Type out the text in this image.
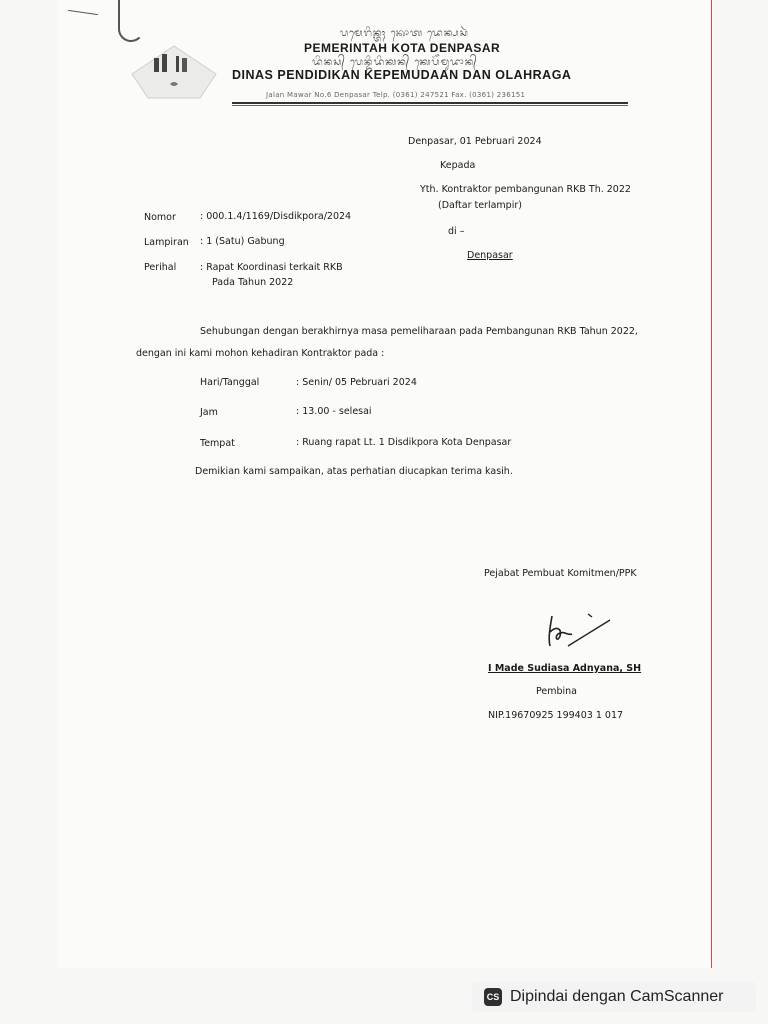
ᬧᬫᬾᬭᬶᬦ᭄ᬢᬄ ᬓᭀᬢ ᬤᬾᬦ᭄ᬧᬲᬃ
PEMERINTAH KOTA DENPASAR
ᬤᬶᬦᬲ᭄ ᬧᬾᬦ᭄ᬤᬶᬤᬶᬓᬦ᭄ ᬓᬾᬧᭂᬫᬸᬤᬵᬦ᭄
DINAS PENDIDIKAN KEPEMUDAAN DAN OLAHRAGA
Jalan Mawar No.6 Denpasar Telp. (0361) 247521 Fax. (0361) 236151
Denpasar, 01 Pebruari 2024
Kepada
Yth. Kontraktor pembangunan RKB Th. 2022
(Daftar terlampir)
di –
Denpasar
Nomor	: 000.1.4/1169/Disdikpora/2024
Lampiran : 1 (Satu) Gabung
Perihal : Rapat Koordinasi terkait RKB
Pada Tahun 2022
Sehubungan dengan berakhirnya masa pemeliharaan pada Pembangunan RKB Tahun 2022,
dengan ini kami mohon kehadiran Kontraktor pada :
Hari/Tanggal	: Senin/ 05 Pebruari 2024
Jam	: 13.00 - selesai
Tempat	: Ruang rapat Lt. 1 Disdikpora Kota Denpasar
Demikian kami sampaikan, atas perhatian diucapkan terima kasih.
Pejabat Pembuat Komitmen/PPK
I Made Sudiasa Adnyana, SH
Pembina
NIP.19670925 199403 1 017
CS Dipindai dengan CamScanner
